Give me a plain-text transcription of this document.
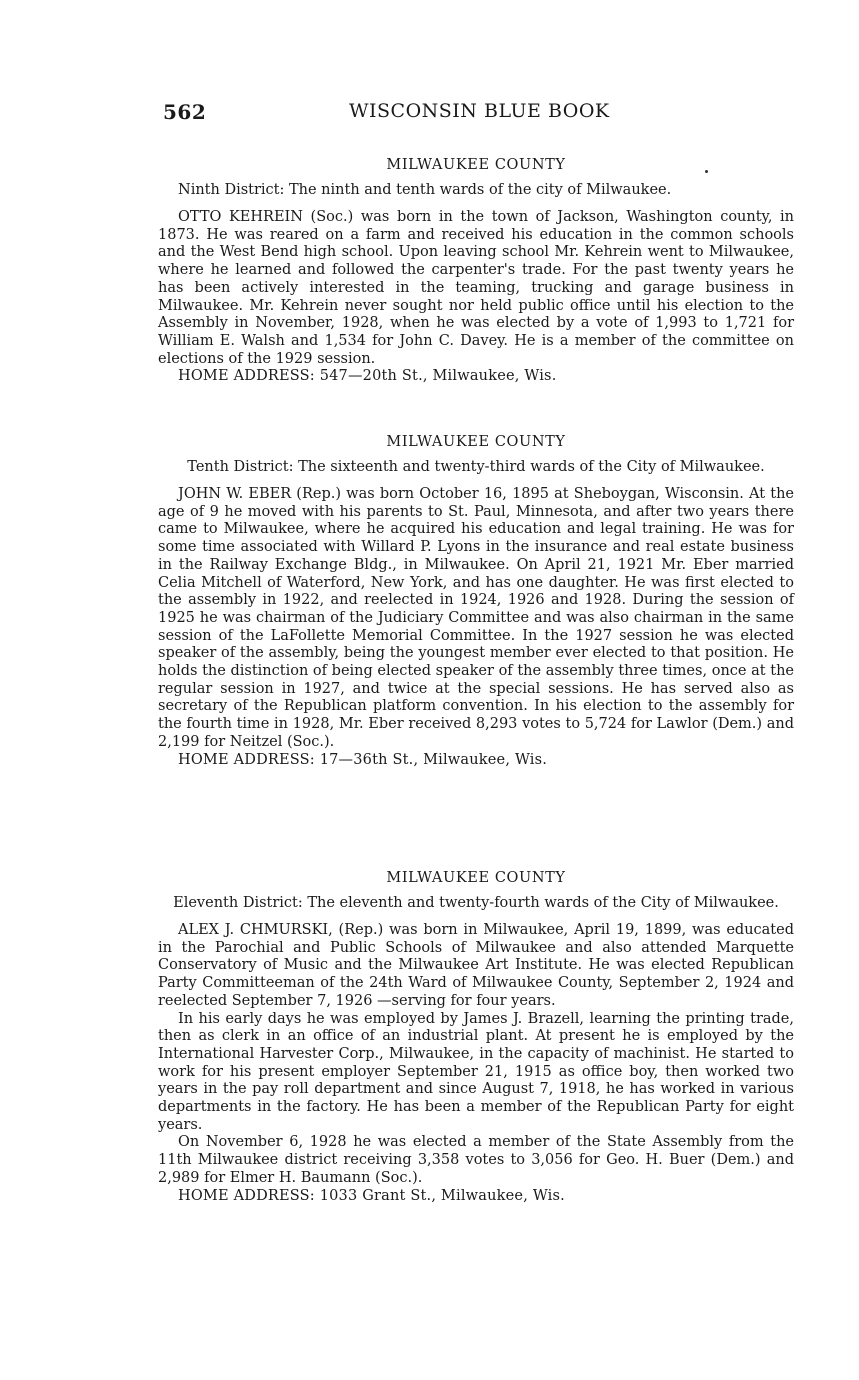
562	WISCONSIN BLUE BOOK
MILWAUKEE COUNTY
Ninth District: The ninth and tenth wards of the city of Milwaukee.

OTTO KEHREIN (Soc.) was born in the town of Jackson, Washington county, in 1873. He was reared on a farm and received his education in the common schools and the West Bend high school. Upon leaving school Mr. Kehrein went to Milwaukee, where he learned and followed the carpenter's trade. For the past twenty years he has been actively interested in the teaming, trucking and garage business in Milwaukee. Mr. Kehrein never sought nor held public office until his election to the Assembly in November, 1928, when he was elected by a vote of 1,993 to 1,721 for William E. Walsh and 1,534 for John C. Davey. He is a member of the committee on elections of the 1929 session.

HOME ADDRESS: 547—20th St., Milwaukee, Wis.

MILWAUKEE COUNTY
Tenth District: The sixteenth and twenty-third wards of the City of Milwaukee.

JOHN W. EBER (Rep.) was born October 16, 1895 at Sheboygan, Wisconsin. At the age of 9 he moved with his parents to St. Paul, Minnesota, and after two years there came to Milwaukee, where he acquired his education and legal training. He was for some time associated with Willard P. Lyons in the insurance and real estate business in the Railway Exchange Bldg., in Milwaukee. On April 21, 1921 Mr. Eber married Celia Mitchell of Waterford, New York, and has one daughter. He was first elected to the assembly in 1922, and reelected in 1924, 1926 and 1928. During the session of 1925 he was chairman of the Judiciary Committee and was also chairman in the same session of the LaFollette Memorial Committee. In the 1927 session he was elected speaker of the assembly, being the youngest member ever elected to that position. He holds the distinction of being elected speaker of the assembly three times, once at the regular session in 1927, and twice at the special sessions. He has served also as secretary of the Republican platform convention. In his election to the assembly for the fourth time in 1928, Mr. Eber received 8,293 votes to 5,724 for Lawlor (Dem.) and 2,199 for Neitzel (Soc.).

HOME ADDRESS: 17—36th St., Milwaukee, Wis.

MILWAUKEE COUNTY
Eleventh District: The eleventh and twenty-fourth wards of the City of Milwaukee.

ALEX J. CHMURSKI, (Rep.) was born in Milwaukee, April 19, 1899, was educated in the Parochial and Public Schools of Milwaukee and also attended Marquette Conservatory of Music and the Milwaukee Art Institute. He was elected Republican Party Committeeman of the 24th Ward of Milwaukee County, September 2, 1924 and reelected September 7, 1926 —serving for four years.

In his early days he was employed by James J. Brazell, learning the printing trade, then as clerk in an office of an industrial plant. At present he is employed by the International Harvester Corp., Milwaukee, in the capacity of machinist. He started to work for his present employer September 21, 1915 as office boy, then worked two years in the pay roll department and since August 7, 1918, he has worked in various departments in the factory. He has been a member of the Republican Party for eight years.

On November 6, 1928 he was elected a member of the State Assembly from the 11th Milwaukee district receiving 3,358 votes to 3,056 for Geo. H. Buer (Dem.) and 2,989 for Elmer H. Baumann (Soc.).

HOME ADDRESS: 1033 Grant St., Milwaukee, Wis.
